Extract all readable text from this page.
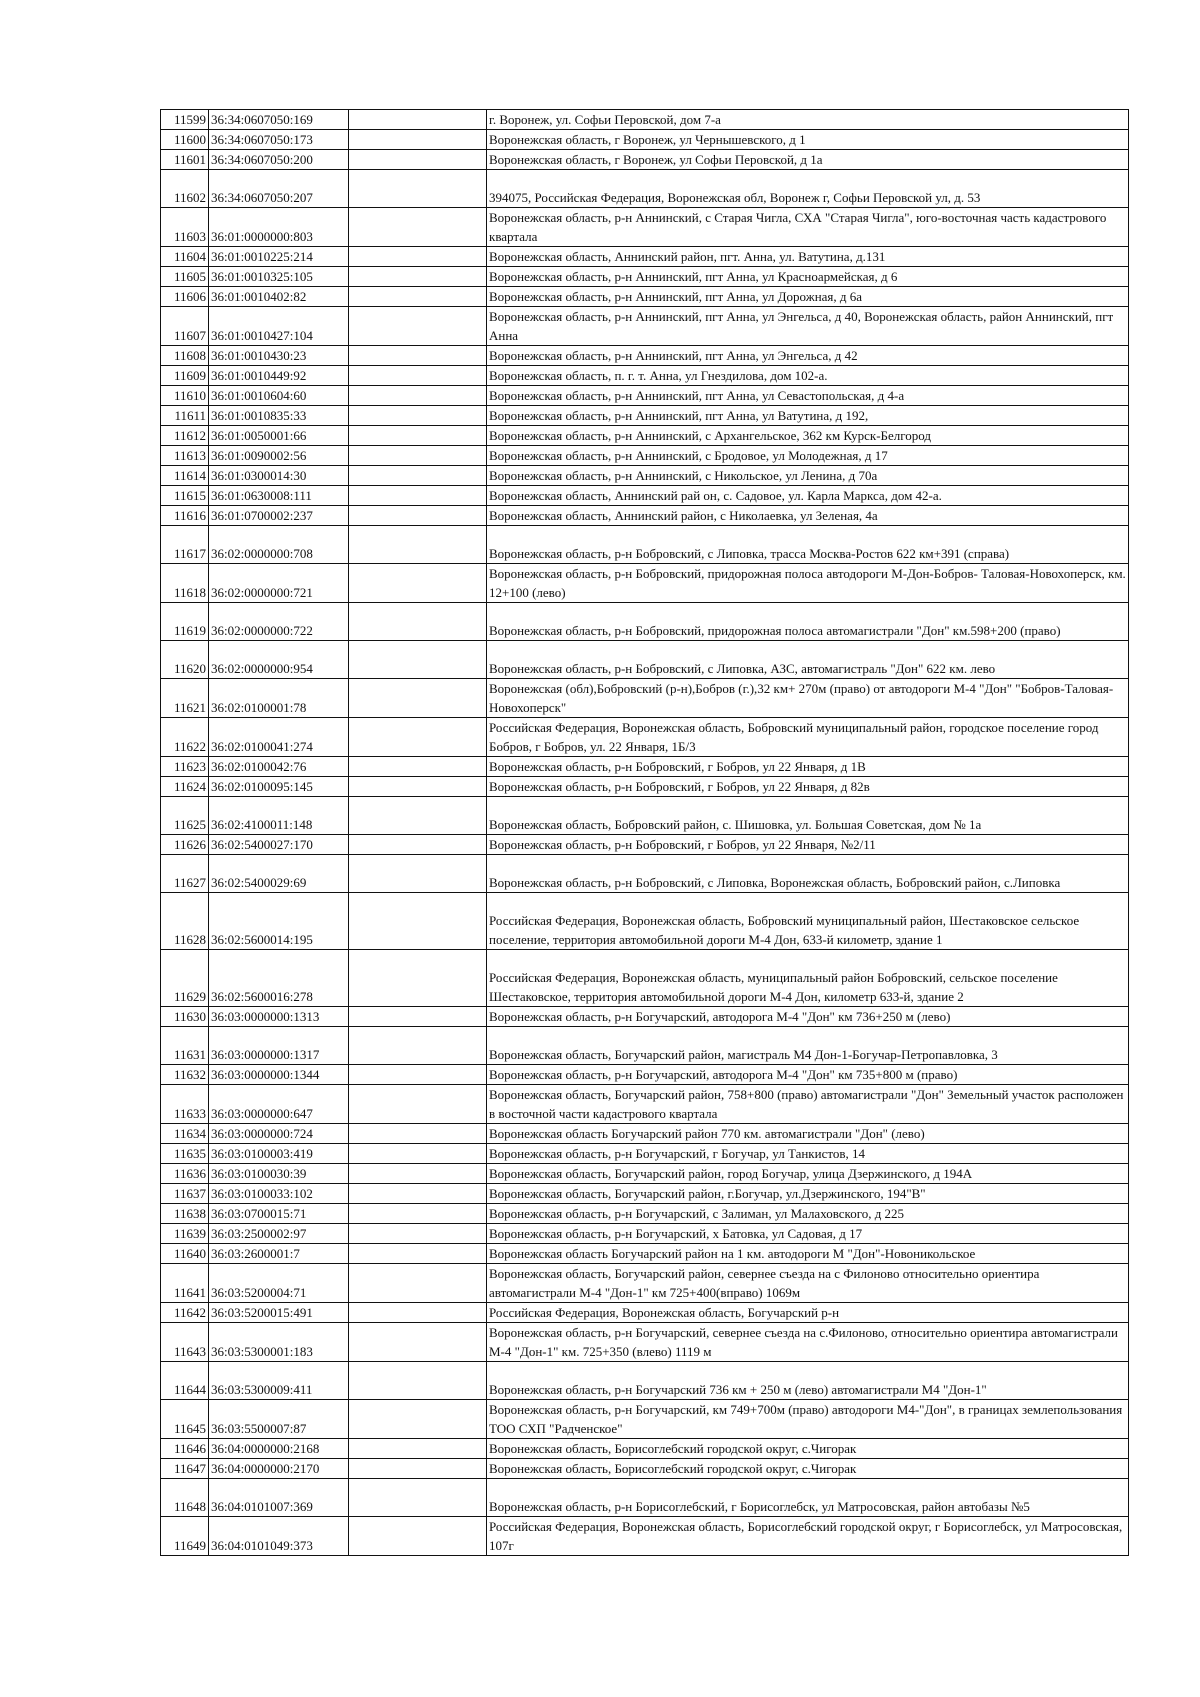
11599	36:34:0607050:169		г. Воронеж, ул. Софьи Перовской, дом 7-а
11600	36:34:0607050:173		Воронежская область, г Воронеж, ул Чернышевского, д 1
11601	36:34:0607050:200		Воронежская область, г Воронеж, ул Софьи Перовской, д 1а
11602	36:34:0607050:207		394075, Российская Федерация, Воронежская обл, Воронеж г, Софьи Перовской ул, д. 53
11603	36:01:0000000:803		Воронежская область, р-н Аннинский, с Старая Чигла, СХА "Старая Чигла", юго-восточная часть кадастрового квартала
11604	36:01:0010225:214		Воронежская область, Аннинский район, пгт. Анна, ул. Ватутина, д.131
11605	36:01:0010325:105		Воронежская область, р-н Аннинский, пгт Анна, ул Красноармейская, д 6
11606	36:01:0010402:82		Воронежская область, р-н Аннинский, пгт Анна, ул Дорожная, д 6а
11607	36:01:0010427:104		Воронежская область, р-н Аннинский, пгт Анна, ул Энгельса, д 40, Воронежская область, район Аннинский, пгт Анна
11608	36:01:0010430:23		Воронежская область, р-н Аннинский, пгт Анна, ул Энгельса, д 42
11609	36:01:0010449:92		Воронежская область, п. г. т. Анна, ул Гнездилова, дом 102-а.
11610	36:01:0010604:60		Воронежская область, р-н Аннинский, пгт Анна, ул Севастопольская, д 4-а
11611	36:01:0010835:33		Воронежская область, р-н Аннинский, пгт Анна, ул Ватутина, д 192,
11612	36:01:0050001:66		Воронежская область, р-н Аннинский, с Архангельское, 362 км Курск-Белгород
11613	36:01:0090002:56		Воронежская область, р-н Аннинский, с Бродовое, ул Молодежная, д 17
11614	36:01:0300014:30		Воронежская область, р-н Аннинский, с Никольское, ул Ленина, д 70а
11615	36:01:0630008:111		Воронежская область, Аннинский рай он, с. Садовое, ул. Карла Маркса, дом 42-а.
11616	36:01:0700002:237		Воронежская область, Аннинский район, с Николаевка, ул Зеленая, 4а
11617	36:02:0000000:708		Воронежская область, р-н Бобровский, с Липовка, трасса Москва-Ростов 622 км+391 (справа)
11618	36:02:0000000:721		Воронежская область, р-н Бобровский, придорожная полоса автодороги М-Дон-Бобров- Таловая-Новохоперск, км. 12+100 (лево)
11619	36:02:0000000:722		Воронежская область, р-н Бобровский, придорожная полоса автомагистрали "Дон" км.598+200 (право)
11620	36:02:0000000:954		Воронежская область, р-н Бобровский, с Липовка, АЗС, автомагистраль "Дон" 622 км. лево
11621	36:02:0100001:78		Воронежская (обл),Бобровский (р-н),Бобров (г.),32 км+ 270м (право) от автодороги М-4 "Дон" "Бобров-Таловая-Новохоперск"
11622	36:02:0100041:274		Российская Федерация, Воронежская область, Бобровский муниципальный район, городское поселение город Бобров, г Бобров, ул. 22 Января, 1Б/3
11623	36:02:0100042:76		Воронежская область, р-н Бобровский, г Бобров, ул 22 Января, д 1В
11624	36:02:0100095:145		Воронежская область, р-н Бобровский, г Бобров, ул 22 Января, д 82в
11625	36:02:4100011:148		Воронежская область, Бобровский район, с. Шишовка, ул. Большая Советская, дом № 1а
11626	36:02:5400027:170		Воронежская область, р-н Бобровский, г Бобров, ул 22 Января, №2/11
11627	36:02:5400029:69		Воронежская область, р-н Бобровский, с Липовка, Воронежская область, Бобровский район, с.Липовка
11628	36:02:5600014:195		Российская Федерация, Воронежская область, Бобровский муниципальный район, Шестаковское сельское поселение, территория автомобильной дороги М-4 Дон, 633-й километр, здание 1
11629	36:02:5600016:278		Российская Федерация, Воронежская область, муниципальный район Бобровский, сельское поселение Шестаковское, территория автомобильной дороги М-4 Дон, километр 633-й, здание 2
11630	36:03:0000000:1313		Воронежская область, р-н Богучарский, автодорога М-4 "Дон" км 736+250 м (лево)
11631	36:03:0000000:1317		Воронежская область, Богучарский район, магистраль М4 Дон-1-Богучар-Петропавловка, 3
11632	36:03:0000000:1344		Воронежская область, р-н Богучарский, автодорога М-4 "Дон" км 735+800 м (право)
11633	36:03:0000000:647		Воронежская область, Богучарский район, 758+800 (право) автомагистрали "Дон" Земельный участок расположен в восточной части кадастрового квартала
11634	36:03:0000000:724		Воронежская область Богучарский район 770 км. автомагистрали "Дон" (лево)
11635	36:03:0100003:419		Воронежская область, р-н Богучарский, г Богучар, ул Танкистов, 14
11636	36:03:0100030:39		Воронежская область, Богучарский район, город Богучар, улица Дзержинского, д 194А
11637	36:03:0100033:102		Воронежская область, Богучарский район, г.Богучар, ул.Дзержинского, 194"В"
11638	36:03:0700015:71		Воронежская область, р-н Богучарский, с Залиман, ул Малаховского, д 225
11639	36:03:2500002:97		Воронежская область, р-н Богучарский, х Батовка, ул Садовая, д 17
11640	36:03:2600001:7		Воронежская область Богучарский район на 1 км. автодороги М "Дон"-Новоникольское
11641	36:03:5200004:71		Воронежская область, Богучарский район, севернее съезда на с Филоново относительно ориентира автомагистрали М-4 "Дон-1" км 725+400(вправо) 1069м
11642	36:03:5200015:491		Российская Федерация, Воронежская область, Богучарский р-н
11643	36:03:5300001:183		Воронежская область, р-н Богучарский, севернее съезда на с.Филоново, относительно ориентира автомагистрали М-4 "Дон-1" км. 725+350 (влево) 1119 м
11644	36:03:5300009:411		Воронежская область, р-н Богучарский 736 км + 250 м (лево) автомагистрали М4 "Дон-1"
11645	36:03:5500007:87		Воронежская область, р-н Богучарский, км 749+700м (право) автодороги М4-"Дон", в границах землепользования ТОО СХП "Радченское"
11646	36:04:0000000:2168		Воронежская область, Борисоглебский городской округ, с.Чигорак
11647	36:04:0000000:2170		Воронежская область, Борисоглебский городской округ, с.Чигорак
11648	36:04:0101007:369		Воронежская область, р-н Борисоглебский, г Борисоглебск, ул Матросовская, район автобазы №5
11649	36:04:0101049:373		Российская Федерация, Воронежская область, Борисоглебский городской округ, г Борисоглебск, ул Матросовская, 107г
